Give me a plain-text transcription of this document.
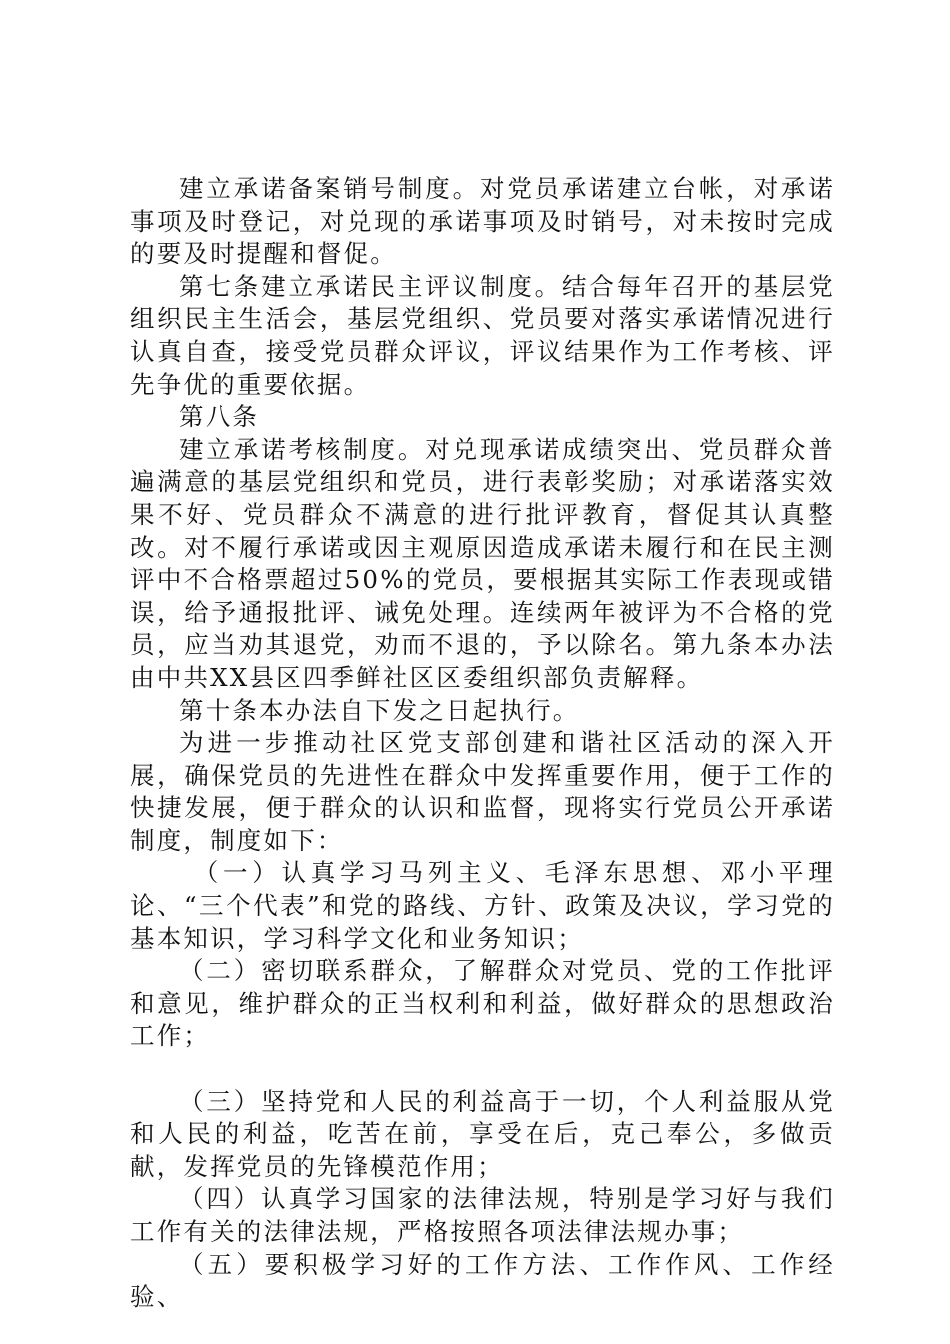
建立承诺备案销号制度。对党员承诺建立台帐，对承诺事项及时登记，对兑现的承诺事项及时销号，对未按时完成的要及时提醒和督促。

第七条建立承诺民主评议制度。结合每年召开的基层党组织民主生活会，基层党组织、党员要对落实承诺情况进行认真自查，接受党员群众评议，评议结果作为工作考核、评先争优的重要依据。

第八条

建立承诺考核制度。对兑现承诺成绩突出、党员群众普遍满意的基层党组织和党员，进行表彰奖励；对承诺落实效果不好、党员群众不满意的进行批评教育，督促其认真整改。对不履行承诺或因主观原因造成承诺未履行和在民主测评中不合格票超过50%的党员，要根据其实际工作表现或错误，给予通报批评、诫免处理。连续两年被评为不合格的党员，应当劝其退党，劝而不退的，予以除名。第九条本办法由中共XX县区四季鲜社区区委组织部负责解释。

第十条本办法自下发之日起执行。

为进一步推动社区党支部创建和谐社区活动的深入开展，确保党员的先进性在群众中发挥重要作用，便于工作的快捷发展，便于群众的认识和监督，现将实行党员公开承诺制度，制度如下：

（一）认真学习马列主义、毛泽东思想、邓小平理论、“三个代表”和党的路线、方针、政策及决议，学习党的基本知识，学习科学文化和业务知识；

（二）密切联系群众，了解群众对党员、党的工作批评和意见，维护群众的正当权利和利益，做好群众的思想政治工作；

（三）坚持党和人民的利益高于一切，个人利益服从党和人民的利益，吃苦在前，享受在后，克己奉公，多做贡献，发挥党员的先锋模范作用；

（四）认真学习国家的法律法规，特别是学习好与我们工作有关的法律法规，严格按照各项法律法规办事；

（五）要积极学习好的工作方法、工作作风、工作经验、
